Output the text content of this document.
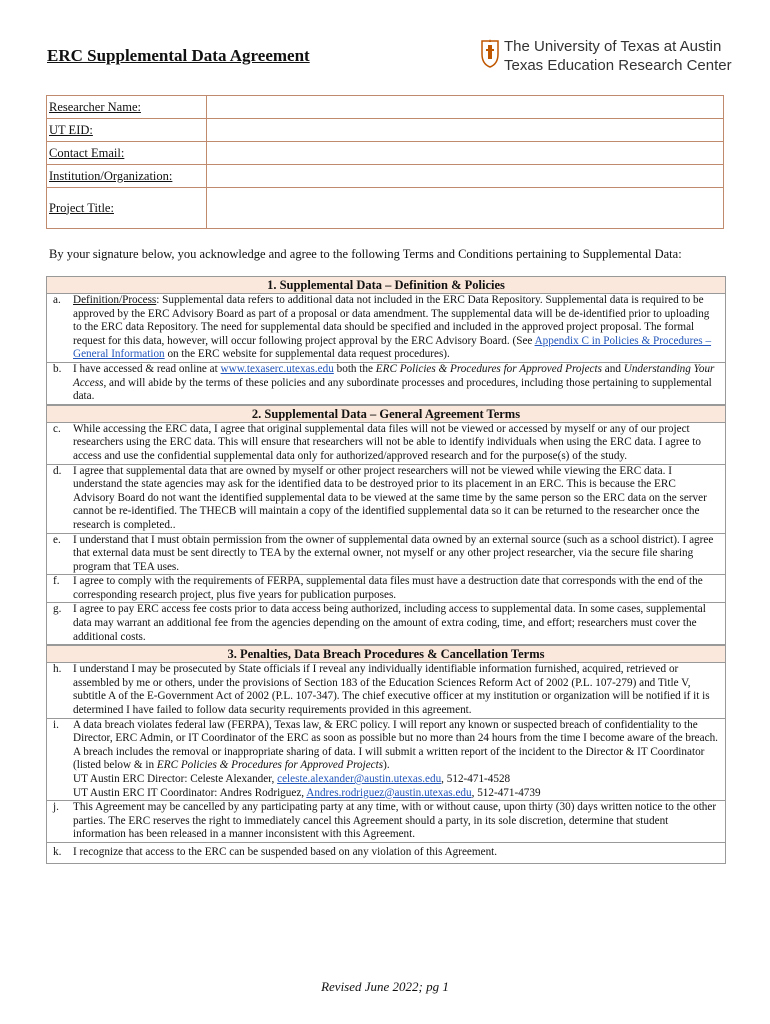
ERC Supplemental Data Agreement	The University of Texas at Austin
Texas Education Research Center
Researcher Name:	
UT EID:	
Contact Email:	
Institution/Organization:	
Project Title:	
By your signature below, you acknowledge and agree to the following Terms and Conditions pertaining to Supplemental Data:
1. Supplemental Data – Definition & Policies
a.	Definition/Process: Supplemental data refers to additional data not included in the ERC Data Repository. Supplemental data is required to be approved by the ERC Advisory Board as part of a proposal or data amendment. The supplemental data will be de-identified prior to uploading to the ERC data Repository. The need for supplemental data should be specified and included in the approved project proposal. The formal request for this data, however, will occur following project approval by the ERC Advisory Board. (See Appendix C in Policies & Procedures – General Information on the ERC website for supplemental data request procedures).
b.	I have accessed & read online at www.texaserc.utexas.edu both the ERC Policies & Procedures for Approved Projects and Understanding Your Access, and will abide by the terms of these policies and any subordinate processes and procedures, including those pertaining to supplemental data.
2. Supplemental Data – General Agreement Terms
c.	While accessing the ERC data, I agree that original supplemental data files will not be viewed or accessed by myself or any of our project researchers using the ERC data. This will ensure that researchers will not be able to identify individuals when using the ERC data. I agree to access and use the confidential supplemental data only for authorized/approved research and for the purpose(s) of the study.
d.	I agree that supplemental data that are owned by myself or other project researchers will not be viewed while viewing the ERC data. I understand the state agencies may ask for the identified data to be destroyed prior to its placement in an ERC. This is because the ERC Advisory Board do not want the identified supplemental data to be viewed at the same time by the same person so the ERC data on the server cannot be re-identified. The THECB will maintain a copy of the identified supplemental data so it can be returned to the researcher once the research is completed..
e.	I understand that I must obtain permission from the owner of supplemental data owned by an external source (such as a school district). I agree that external data must be sent directly to TEA by the external owner, not myself or any other project researcher, via the secure file sharing program that TEA uses.
f.	I agree to comply with the requirements of FERPA, supplemental data files must have a destruction date that corresponds with the end of the corresponding research project, plus five years for publication purposes.
g.	I agree to pay ERC access fee costs prior to data access being authorized, including access to supplemental data. In some cases, supplemental data may warrant an additional fee from the agencies depending on the amount of extra coding, time, and effort; researchers must cover the additional costs.
3. Penalties, Data Breach Procedures & Cancellation Terms
h.	I understand I may be prosecuted by State officials if I reveal any individually identifiable information furnished, acquired, retrieved or assembled by me or others, under the provisions of Section 183 of the Education Sciences Reform Act of 2002 (P.L. 107-279) and Title V, subtitle A of the E-Government Act of 2002 (P.L. 107-347). The chief executive officer at my institution or organization will be notified if it is determined I have failed to follow data security requirements provided in this agreement.
i.	A data breach violates federal law (FERPA), Texas law, & ERC policy. I will report any known or suspected breach of confidentiality to the Director, ERC Admin, or IT Coordinator of the ERC as soon as possible but no more than 24 hours from the time I become aware of the breach. A breach includes the removal or inappropriate sharing of data. I will submit a written report of the incident to the Director & IT Coordinator (listed below & in ERC Policies & Procedures for Approved Projects).
UT Austin ERC Director: Celeste Alexander, celeste.alexander@austin.utexas.edu, 512-471-4528
UT Austin ERC IT Coordinator: Andres Rodriguez, Andres.rodriguez@austin.utexas.edu, 512-471-4739
j.	This Agreement may be cancelled by any participating party at any time, with or without cause, upon thirty (30) days written notice to the other parties. The ERC reserves the right to immediately cancel this Agreement should a party, in its sole discretion, determine that student information has been released in a manner inconsistent with this Agreement.
k.	I recognize that access to the ERC can be suspended based on any violation of this Agreement.
Revised June 2022; pg 1
